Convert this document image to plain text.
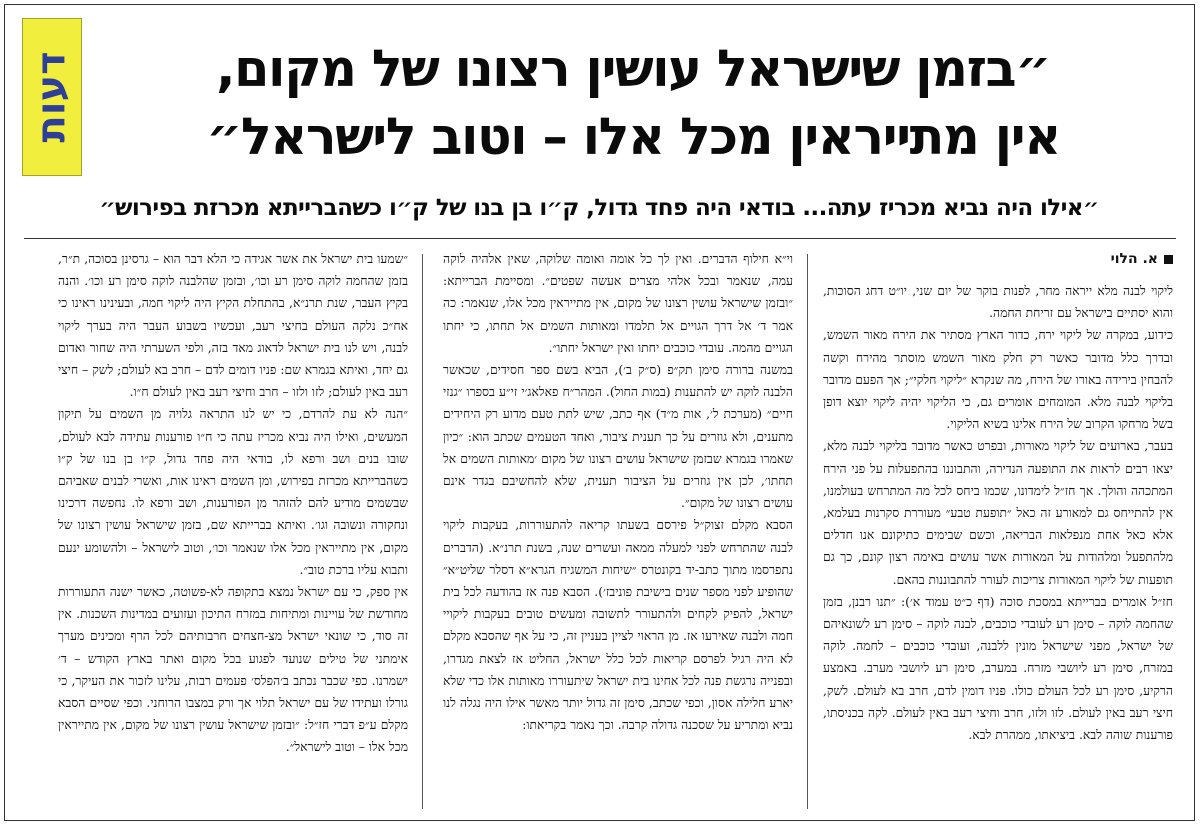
דעות	״בזמן שישראל עושין רצונו של מקום,
אין מתייראין מכל אלו – וטוב לישראל״
״אילו היה נביא מכריז עתה... בודאי היה פחד גדול, ק״ו בן בנו של ק״ו כשהברייתא מכרזת בפירוש״
א. הלוי

ליקוי לבנה מלא ייראה מחר, לפנות בוקר של יום שני, יו״ט דחג הסוכות, והוא יסתיים בישראל עם זריחת החמה.

כידוע, במקרה של ליקוי ירח, כדור הארץ מסתיר את הירח מאור השמש, ובדרך כלל מדובר כאשר רק חלק מאור השמש מוסתר מהירח וקשה להבחין בירידה באורו של הירח, מה שנקרא ״ליקוי חלקי״; אך הפעם מדובר בליקוי לבנה מלא. המומחים אומרים גם, כי הליקוי יהיה ליקוי יוצא דופן בשל מרחקו הקרוב של הירח אלינו בשיא הליקוי.

בעבר, בארועים של ליקוי מאורות, ובפרט כאשר מדובר בליקוי לבנה מלא, יצאו רבים לראות את התופעה הנדירה, והתבוננו בהתפעלות על פני הירח המתכהה והולך. אך חז״ל לימדונו, שכמו ביחס לכל מה המתרחש בעולמנו, אין להתייחס גם למאורע זה כאל ״תופעת טבע״ מעוררת סקרנות בעלמא, אלא כאל אחת מנפלאות הבריאה, וכשם שבימים כתיקונם אנו חדלים מלהתפעל ומלהודות על המאורות אשר עושים באימה רצון קונם, כך גם תופעות של ליקוי המאורות צריכות לעורר להתבוננות בהאם.

חז״ל אומרים בברייתא במסכת סוכה (דף כ״ט עמוד א׳): ״תנו רבנן, בזמן שהחמה לוקה – סימן רע לעובדי כוכבים, לבנה לוקה – סימן רע לשונאיהם של ישראל, מפני שישראל מונין ללבנה, ועובדי כוכבים – לחמה. לוקה במזרח, סימן רע ליושבי מזרח. במערב, סימן רע ליושבי מערב. באמצע הרקיע, סימן רע לכל העולם כולו. פניו דומין לדם, חרב בא לעולם. לשק, חיצי רעב באין לעולם. לזו ולזו, חרב וחיצי רעב באין לעולם. לקה בכניסתו, פורענות שוהה לבא. ביציאתו, ממהרת לבא.

וי״א חילוף הדברים. ואין לך כל אומה ואומה שלוקה, שאין אלהיה לוקה עמה, שנאמר ובכל אלהי מצרים אעשה שפטים״. ומסיימת הברייתא: ״ובזמן שישראל עושין רצונו של מקום, אין מתייראין מכל אלו, שנאמר: כה אמר ד׳ אל דרך הגויים אל תלמדו ומאותות השמים אל תחתו, כי יחתו הגויים מהמה. עובדי כוכבים יחתו ואין ישראל יחתו״.

במשנה ברורה סימן תק״פ (ס״ק ב׳), הביא בשם ספר חסידים, שכאשר הלבנה לוקה יש להתענות (במות החול). המהר״ח פאלאג׳י זי״ע בספרו ״גנזי חיים״ (מערכת ל׳, אות מ״ד) אף כתב, שיש לתת טעם מדוע רק היחידים מתענים, ולא גוזרים על כך תענית ציבור, ואחד הטעמים שכתב הוא: ״כיון שאמרו בגמרא שבזמן שישראל עושים רצונו של מקום ׳מאותות השמים אל תחתו׳, לכן אין גוזרים על הציבור תענית, שלא להחשיבם בגדר אינם עושים רצונו של מקום״.

הסבא מקלם זצוק״ל פירסם בשעתו קריאה להתעוררות, בעקבות ליקוי לבנה שהתרחש לפני למעלה ממאה ועשרים שנה, בשנת תרנ״א. (הדברים נתפרסמו מתוך כתב-יד בקונטרס ״שיחות המשגיח הגרא״א דסלר שליט״א״ שהופיע לפני מספר שנים בישיבת פוניבז׳). הסבא פנה אז בהודעה לכל בית ישראל, להפיק לקחים ולהתעורר לתשובה ומעשים טובים בעקבות ליקויי חמה ולבנה שאירעו אז. מן הראוי לציין בעניין זה, כי על אף שהסבא מקלם לא היה רגיל לפרסם קריאות לכל כלל ישראל, החליט אז לצאת מגדרו, ובפנייה נרגשת פנה לכל אחינו בית ישראל שיתעוררו מאותות אלו כדי שלא יארע חלילה אסון, וכפי שכתב, סימן זה גדול יותר מאשר אילו היה נגלה לנו נביא ומתריע על שסכנה גדולה קרבה. וכך נאמר בקריאתו:

״שמעו בית ישראל את אשר אגידה כי הלא דבר הוא – גרסינן בסוכה, ת״ר, בזמן שהחמה לוקה סימן רע וכו׳, ובזמן שהלבנה לוקה סימן רע וכו׳. והנה בקיץ העבר, שנת תרנ״א, בהתחלת הקיץ היה ליקוי חמה, ובעינינו ראינו כי אח״כ נלקה העולם בחיצי רעב, ועכשיו בשבוע העבר היה בערך ליקוי לבנה, ויש לנו בית ישראל לדאוג מאד בזה, ולפי השערתי היה שחור ואדום גם יחד, ואיתא בגמרא שם: פניו דומים לדם – חרב בא לעולם; לשק – חיצי רעב באין לעולם; לזו ולזו – חרב וחיצי רעב באין לעולם ח״ו.

״הנה לא עת להרדם, כי יש לנו התראה גלויה מן השמים על תיקון המעשים, ואילו היה נביא מכריז עתה כי ח״ו פורענות עתידה לבא לעולם, שובו בנים ושב ורפא לו, בודאי היה פחד גדול, ק״ו בן בנו של ק״ו כשהברייתא מכרזת בפירוש, ומן השמים ראינו אות, ואשרי לבנים שאביהם שבשמים מודיע להם להזהר מן הפורענות, ושב ורפא לו. נחפשה דרכינו ונחקורה ונשובה וגו׳. ואיתא בברייתא שם, בזמן שישראל עושין רצונו של מקום, אין מתייראין מכל אלו שנאמר וכו׳, וטוב לישראל – ולהשומע ינעם ותבוא עליו ברכת טוב״.

אין ספק, כי עם ישראל נמצא בתקופה לא-פשוטה, כאשר ישנה התעוררות מחודשת של עויינות ומתיחות במזרח התיכון ועזועים במדינות השכנות. אין זה סוד, כי שונאי ישראל מצ-חצחים חרבותיהם לכל הרף ומכינים מערך אימתני של טילים שנועד לפגוע בכל מקום ואתר בארץ הקודש – ד׳ ישמרנו. כפי שכבר נכתב ב׳הפלס׳ פעמים רבות, עלינו לזכור את העיקר, כי גורלו ועתידו של עם ישראל תלוי אך ורק במצבו הרוחני. וכפי שסיים הסבא מקלם ע״פ דברי חז״ל: ״ובזמן שישראל עושין רצונו של מקום, אין מתייראין מכל אלו – וטוב לישראל״.
